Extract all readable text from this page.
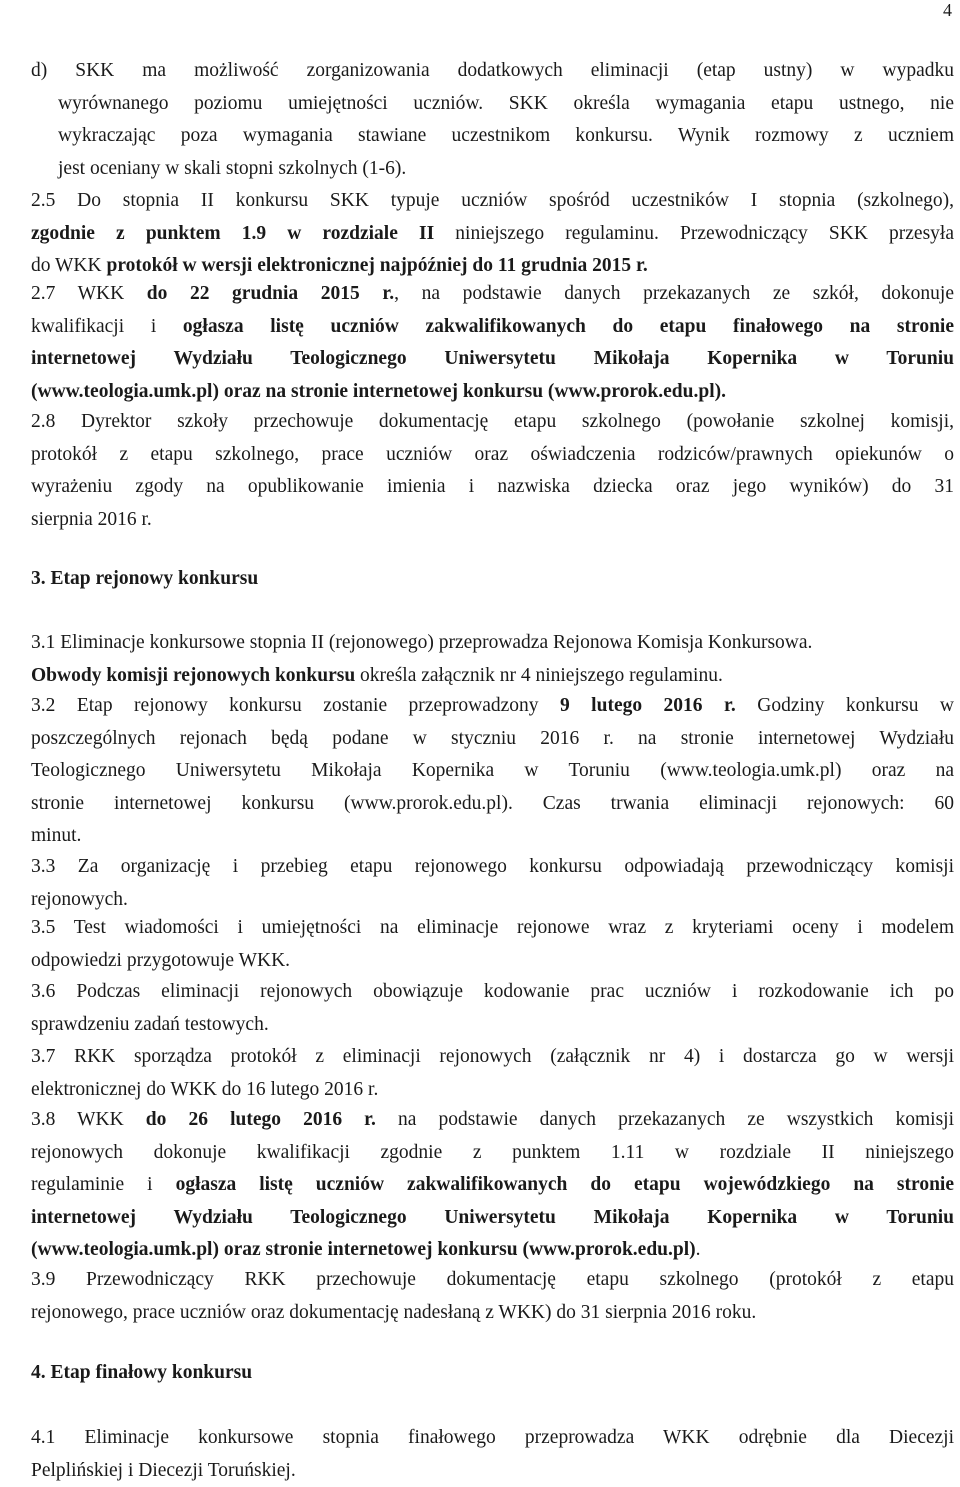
4
d) SKK ma możliwość zorganizowania dodatkowych eliminacji (etap ustny) w wypadku
wyrównanego poziomu umiejętności uczniów. SKK określa wymagania etapu ustnego, nie
wykraczając poza wymagania stawiane uczestnikom konkursu. Wynik rozmowy z uczniem
jest oceniany w skali stopni szkolnych (1-6).
2.5 Do stopnia II konkursu SKK typuje uczniów spośród uczestników I stopnia (szkolnego),
zgodnie z punktem 1.9 w rozdziale II niniejszego regulaminu. Przewodniczący SKK przesyła
do WKK protokół w wersji elektronicznej najpóźniej do 11 grudnia 2015 r.
2.7 WKK do 22 grudnia 2015 r., na podstawie danych przekazanych ze szkół, dokonuje
kwalifikacji i ogłasza listę uczniów zakwalifikowanych do etapu finałowego na stronie
internetowej Wydziału Teologicznego Uniwersytetu Mikołaja Kopernika w Toruniu
(www.teologia.umk.pl) oraz na stronie internetowej konkursu (www.prorok.edu.pl).
2.8 Dyrektor szkoły przechowuje dokumentację etapu szkolnego (powołanie szkolnej komisji,
protokół z etapu szkolnego, prace uczniów oraz oświadczenia rodziców/prawnych opiekunów o
wyrażeniu zgody na opublikowanie imienia i nazwiska dziecka oraz jego wyników) do 31
sierpnia 2016 r.
3. Etap rejonowy konkursu
3.1 Eliminacje konkursowe stopnia II (rejonowego) przeprowadza Rejonowa Komisja Konkursowa.
Obwody komisji rejonowych konkursu określa załącznik nr 4 niniejszego regulaminu.
3.2 Etap rejonowy konkursu zostanie przeprowadzony 9 lutego 2016 r. Godziny konkursu w
poszczególnych rejonach będą podane w styczniu 2016 r. na stronie internetowej Wydziału
Teologicznego Uniwersytetu Mikołaja Kopernika w Toruniu (www.teologia.umk.pl) oraz na
stronie internetowej konkursu (www.prorok.edu.pl). Czas trwania eliminacji rejonowych: 60
minut.
3.3 Za organizację i przebieg etapu rejonowego konkursu odpowiadają przewodniczący komisji
rejonowych.
3.5 Test wiadomości i umiejętności na eliminacje rejonowe wraz z kryteriami oceny i modelem
odpowiedzi przygotowuje WKK.
3.6 Podczas eliminacji rejonowych obowiązuje kodowanie prac uczniów i rozkodowanie ich po
sprawdzeniu zadań testowych.
3.7 RKK sporządza protokół z eliminacji rejonowych (załącznik nr 4) i dostarcza go w wersji
elektronicznej do WKK do 16 lutego 2016 r.
3.8 WKK do 26 lutego 2016 r. na podstawie danych przekazanych ze wszystkich komisji
rejonowych dokonuje kwalifikacji zgodnie z punktem 1.11 w rozdziale II niniejszego
regulaminie i ogłasza listę uczniów zakwalifikowanych do etapu wojewódzkiego na stronie
internetowej Wydziału Teologicznego Uniwersytetu Mikołaja Kopernika w Toruniu
(www.teologia.umk.pl) oraz stronie internetowej konkursu (www.prorok.edu.pl).
3.9 Przewodniczący RKK przechowuje dokumentację etapu szkolnego (protokół z etapu
rejonowego, prace uczniów oraz dokumentację nadesłaną z WKK) do 31 sierpnia 2016 roku.
4. Etap finałowy konkursu
4.1 Eliminacje konkursowe stopnia finałowego przeprowadza WKK odrębnie dla Diecezji
Pelplińskiej i Diecezji Toruńskiej.
